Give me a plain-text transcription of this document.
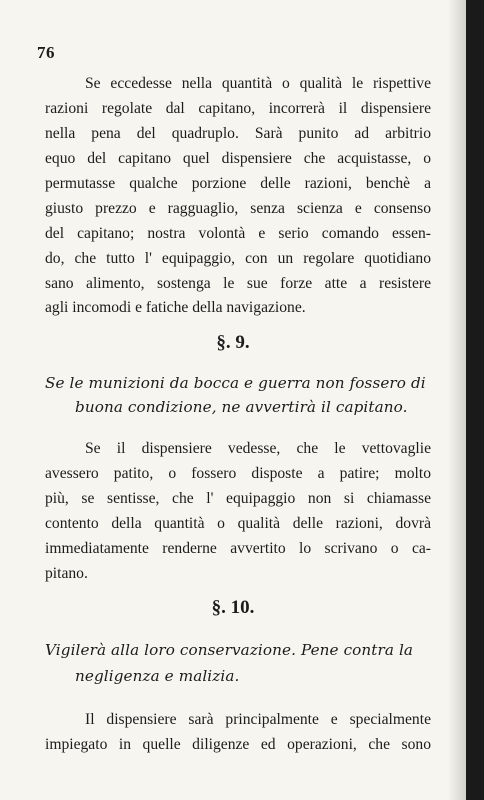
76
Se eccedesse nella quantità o qualità le rispettive
razioni regolate dal capitano, incorrerà il dispensiere
nella pena del quadruplo. Sarà punito ad arbitrio
equo del capitano quel dispensiere che acquistasse, o
permutasse qualche porzione delle razioni, benchè a
giusto prezzo e ragguaglio, senza scienza e consenso
del capitano; nostra volontà e serio comando essen-
do, che tutto l' equipaggio, con un regolare quotidiano
sano alimento, sostenga le sue forze atte a resistere
agli incomodi e fatiche della navigazione.
§. 9.
Se le munizioni da bocca e guerra non fossero di
buona condizione, ne avvertirà il capitano.
Se il dispensiere vedesse, che le vettovaglie
avessero patito, o fossero disposte a patire; molto
più, se sentisse, che l' equipaggio non si chiamasse
contento della quantità o qualità delle razioni, dovrà
immediatamente renderne avvertito lo scrivano o ca-
pitano.
§. 10.
Vigilerà alla loro conservazione. Pene contra la
negligenza e malizia.
Il dispensiere sarà principalmente e specialmente
impiegato in quelle diligenze ed operazioni, che sono
